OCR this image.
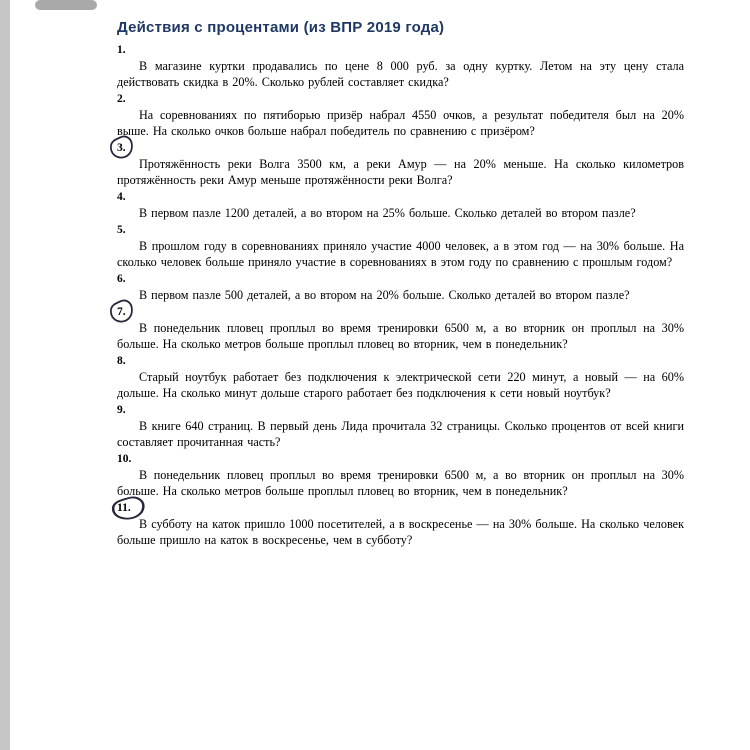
Действия с процентами (из ВПР 2019 года)
1.

В магазине куртки продавались по цене 8 000 руб. за одну куртку. Летом на эту цену стала действовать скидка в 20%. Сколько рублей составляет скидка?

2.

На соревнованиях по пятиборью призёр набрал 4550 очков, а результат победителя был на 20% выше. На сколько очков больше набрал победитель по сравнению с призёром?

3.

Протяжённость реки Волга 3500 км, а реки Амур — на 20% меньше. На сколько километров протяжённость реки Амур меньше протяжённости реки Волга?

4.

В первом пазле 1200 деталей, а во втором на 25% больше. Сколько деталей во втором пазле?

5.

В прошлом году в соревнованиях приняло участие 4000 человек, а в этом год — на 30% больше. На сколько человек больше приняло участие в соревнованиях в этом году по сравнению с прошлым годом?

6.

В первом пазле 500 деталей, а во втором на 20% больше. Сколько деталей во втором пазле?

7.

В понедельник пловец проплыл во время тренировки 6500 м, а во вторник он проплыл на 30% больше. На сколько метров больше проплыл пловец во вторник, чем в понедельник?

8.

Старый ноутбук работает без подключения к электрической сети 220 минут, а новый — на 60% дольше. На сколько минут дольше старого работает без подключения к сети новый ноутбук?

9.

В книге 640 страниц. В первый день Лида прочитала 32 страницы. Сколько процентов от всей книги составляет прочитанная часть?

10.

В понедельник пловец проплыл во время тренировки 6500 м, а во вторник он проплыл на 30% больше. На сколько метров больше проплыл пловец во вторник, чем в понедельник?

11.

В субботу на каток пришло 1000 посетителей, а в воскресенье — на 30% больше. На сколько человек больше пришло на каток в воскресенье, чем в субботу?
